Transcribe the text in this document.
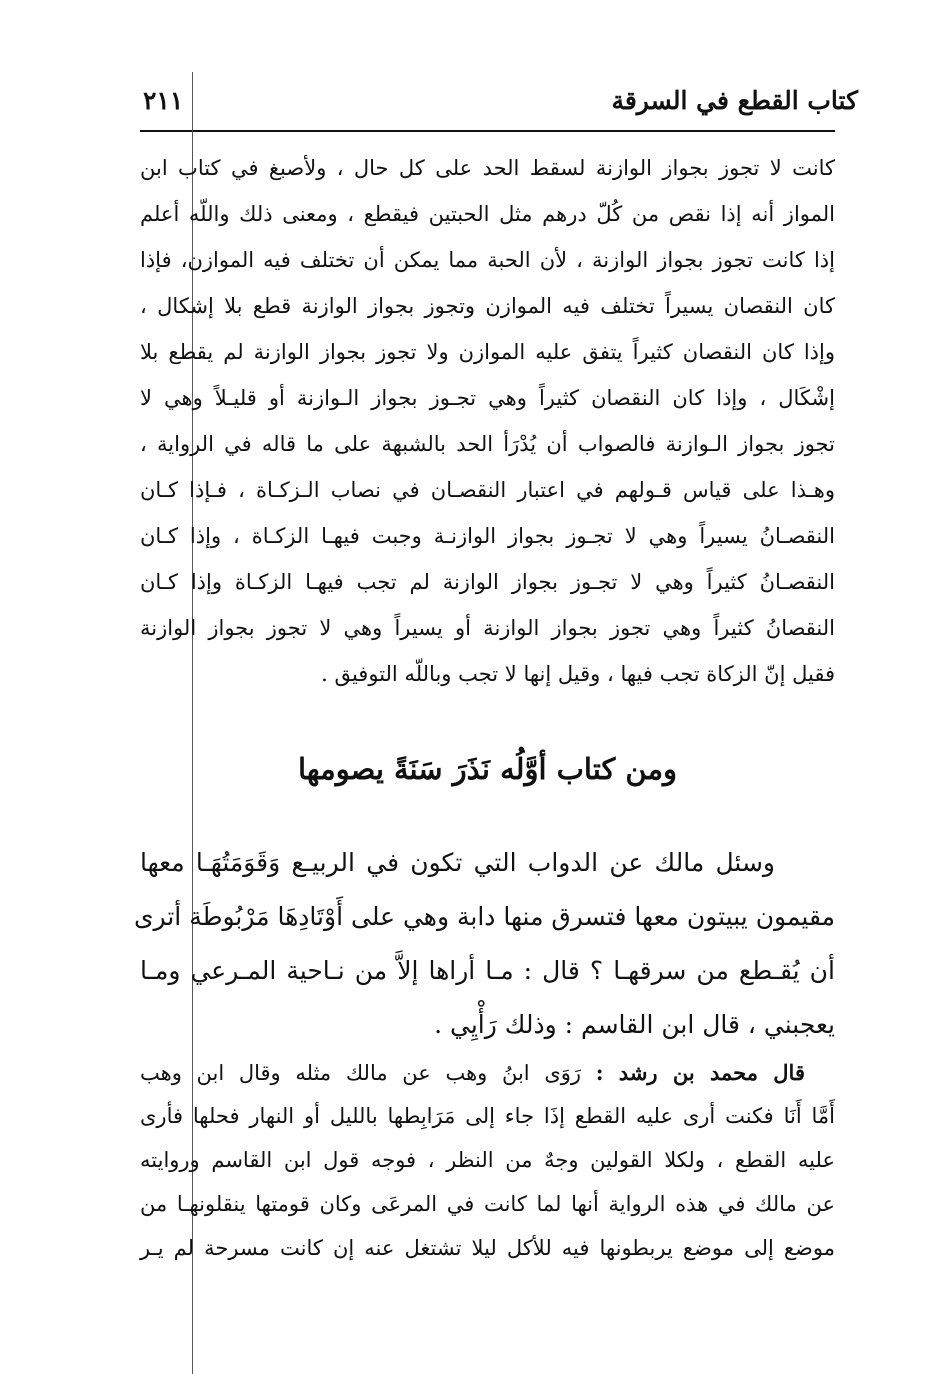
كتاب القطع في السرقة
٢١١
كانت لا تجوز بجواز الوازنة لسقط الحد على كل حال ، ولأصبغ في كتاب ابن
المواز أنه إذا نقص من كُلّ درهم مثل الحبتين فيقطع ، ومعنى ذلك واللّه أعلم
إذا كانت تجوز بجواز الوازنة ، لأن الحبة مما يمكن أن تختلف فيه الموازن، فإذا
كان النقصان يسيراً تختلف فيه الموازن وتجوز بجواز الوازنة قطع بلا إشكال ،
وإذا كان النقصان كثيراً يتفق عليه الموازن ولا تجوز بجواز الوازنة لم يقطع بلا
إشْكَال ، وإذا كان النقصان كثيراً وهي تجـوز بجواز الـوازنة أو قليـلاً وهي لا
تجوز بجواز الـوازنة فالصواب أن يُدْرَأ الحد بالشبهة على ما قاله في الرواية ،
وهـذا على قياس قـولهم في اعتبار النقصـان في نصاب الـزكـاة ، فـإذا كـان
النقصـانُ يسيراً وهي لا تجـوز بجواز الوازنـة وجبت فيهـا الزكـاة ، وإذا كـان
النقصـانُ كثيراً وهي لا تجـوز بجواز الوازنة لم تجب فيهـا الزكـاة وإذا كـان
النقصانُ كثيراً وهي تجوز بجواز الوازنة أو يسيراً وهي لا تجوز بجواز الوازنة
فقيل إنّ الزكاة تجب فيها ، وقيل إنها لا تجب وباللّه التوفيق .
ومن كتاب أوَّلُه نَذَرَ سَنَةً يصومها
وسئل مالك عن الدواب التي تكون في الربيـع وَقَوَمَتُهَـا معها
مقيمون يبيتون معها فتسرق منها دابة وهي على أَوْتَادِهَا مَرْبُوطَة أترى
أن يُقـطع من سرقهـا ؟ قال : مـا أراها إلاَّ من نـاحية المـرعي ومـا
يعجبني ، قال ابن القاسم : وذلك رَأْيِي .
قال محمد بن رشد : رَوَى ابنُ وهب عن مالك مثله وقال ابن وهب
أَمَّا أَنَا فكنت أرى عليه القطع إذَا جاء إلى مَرَابِطها بالليل أو النهار فحلها فأرى
عليه القطع ، ولكلا القولين وجهٌ من النظر ، فوجه قول ابن القاسم وروايته
عن مالك في هذه الرواية أنها لما كانت في المرعَى وكان قومتها ينقلونهـا من
موضع إلى موضع يربطونها فيه للأكل ليلا تشتغل عنه إن كانت مسرحة لم يـر
